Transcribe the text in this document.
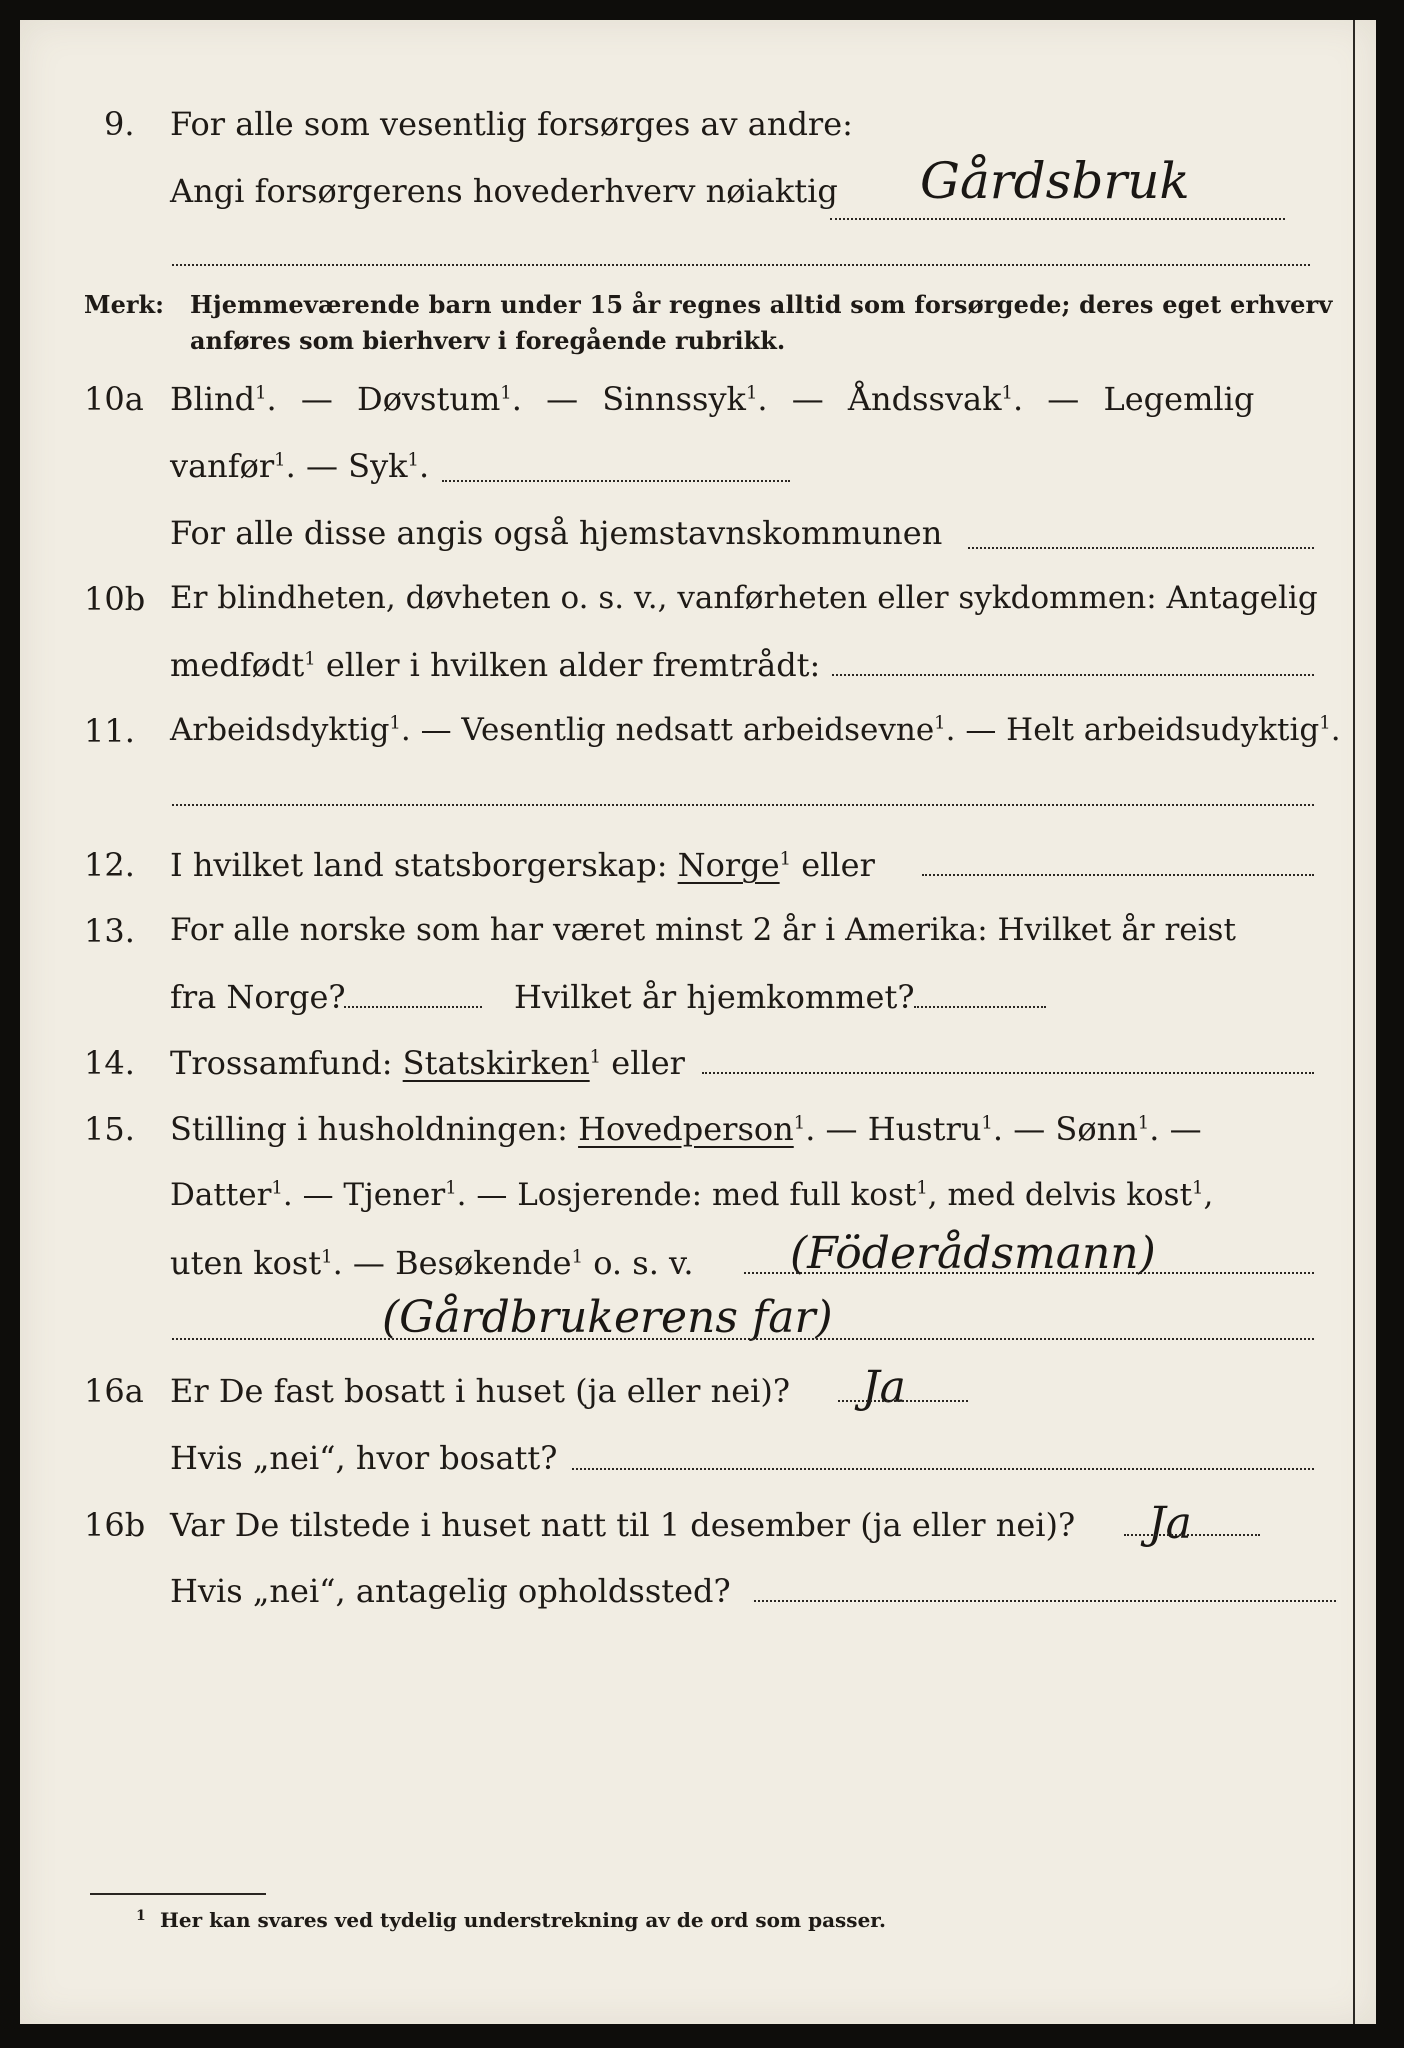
9. For alle som vesentlig forsørges av andre:
Angi forsørgerens hovederhverv nøiaktig Gårdsbruk
Merk: Hjemmeværende barn under 15 år regnes alltid som forsørgede; deres eget erhverv
anføres som bierhverv i foregående rubrikk.
10a Blind$^1$. — Døvstum$^1$. — Sinnssyk$^1$. — Åndssvak$^1$. — Legemlig
vanfør$^1$. — Syk$^1$.
For alle disse angis også hjemstavnskommunen
10b Er blindheten, døvheten o. s. v., vanførheten eller sykdommen: Antagelig
medfødt$^1$ eller i hvilken alder fremtrådt:
11. Arbeidsdyktig$^1$. — Vesentlig nedsatt arbeidsevne$^1$. — Helt arbeidsudyktig$^1$.
12. I hvilket land statsborgerskap: Norge$^1$ eller
13. For alle norske som har været minst 2 år i Amerika: Hvilket år reist
fra Norge?	Hvilket år hjemkommet?
14. Trossamfund: Statskirken$^1$ eller
15. Stilling i husholdningen: Hovedperson$^1$. — Hustru$^1$. — Sønn$^1$. —
Datter$^1$. — Tjener$^1$. — Losjerende: med full kost$^1$, med delvis kost$^1$,
uten kost$^1$. — Besøkende$^1$ o. s. v. (Föderådsmann)
(Gårdbrukerens far)
16a Er De fast bosatt i huset (ja eller nei)? Ja
Hvis „nei“, hvor bosatt?
16b Var De tilstede i huset natt til 1 desember (ja eller nei)? Ja
Hvis „nei“, antagelig opholdssted?
1 Her kan svares ved tydelig understrekning av de ord som passer.
